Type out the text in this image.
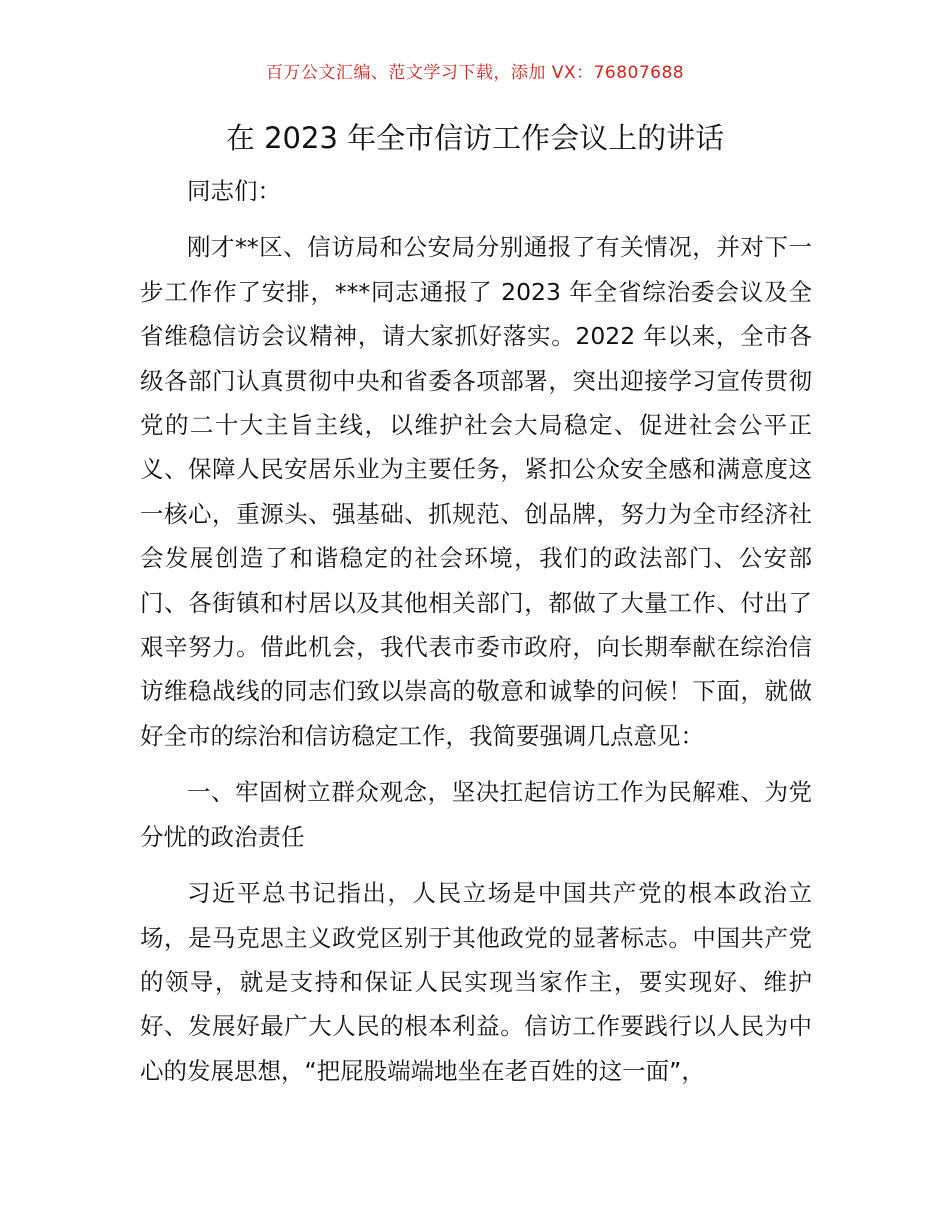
百万公文汇编、范文学习下载，添加 VX：76807688
在 2023 年全市信访工作会议上的讲话

同志们：

刚才**区、信访局和公安局分别通报了有关情况，并对下一步工作作了安排，***同志通报了 2023 年全省综治委会议及全省维稳信访会议精神，请大家抓好落实。2022 年以来，全市各级各部门认真贯彻中央和省委各项部署，突出迎接学习宣传贯彻党的二十大主旨主线，以维护社会大局稳定、促进社会公平正义、保障人民安居乐业为主要任务，紧扣公众安全感和满意度这一核心，重源头、强基础、抓规范、创品牌，努力为全市经济社会发展创造了和谐稳定的社会环境，我们的政法部门、公安部门、各街镇和村居以及其他相关部门，都做了大量工作、付出了艰辛努力。借此机会，我代表市委市政府，向长期奉献在综治信访维稳战线的同志们致以崇高的敬意和诚挚的问候！下面，就做好全市的综治和信访稳定工作，我简要强调几点意见：

一、牢固树立群众观念，坚决扛起信访工作为民解难、为党分忧的政治责任

习近平总书记指出，人民立场是中国共产党的根本政治立场，是马克思主义政党区别于其他政党的显著标志。中国共产党的领导，就是支持和保证人民实现当家作主，要实现好、维护好、发展好最广大人民的根本利益。信访工作要践行以人民为中心的发展思想，“把屁股端端地坐在老百姓的这一面”，
